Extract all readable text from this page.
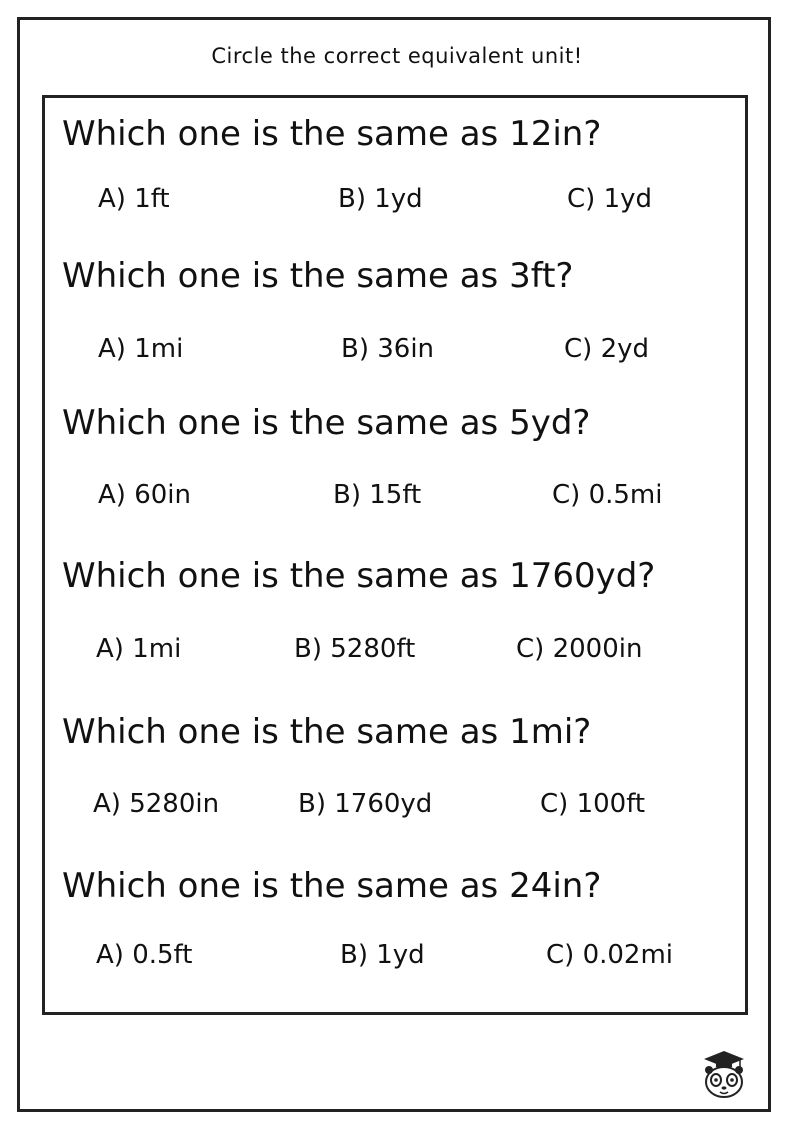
Circle the correct equivalent unit!
Which one is the same as 12in?
A) 1ft	B) 1yd	C) 1yd
Which one is the same as 3ft?
A) 1mi	B) 36in	C) 2yd
Which one is the same as 5yd?
A) 60in	B) 15ft	C) 0.5mi
Which one is the same as 1760yd?
A) 1mi	B) 5280ft	C) 2000in
Which one is the same as 1mi?
A) 5280in	B) 1760yd	C) 100ft
Which one is the same as 24in?
A) 0.5ft	B) 1yd	C) 0.02mi
